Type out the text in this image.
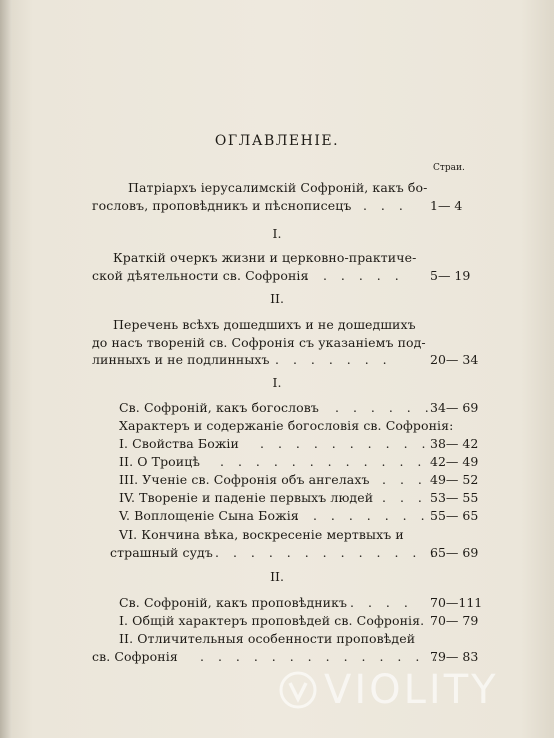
ОГЛАВЛЕНІЕ.
Страи.
Патріархъ іерусалимскій Софроній, какъ бо-
гословъ, проповѣдникъ и пѣснописецъ
. . . . 1— 4
I.
Краткій очеркъ жизни и церковно-практиче-
ской дѣятельности св. Софронія
. . . . . . 5— 19
II.
Перечень всѣхъ дошедшихъ и не дошедшихъ
до насъ твореній св. Софронія съ указаніемъ под-
линныхъ и не подлинныхъ . . . . . . .	20— 34
I.
Св. Софроній, какъ богословъ . . . . . .
34— 69
Характеръ и содержаніе богословія св. Софронія:
I. Свойства Божіи . . . . . . . . . . 38— 42
II. О Троицѣ . . . . . . . . . . . . 42— 49
III. Ученіе св. Софронія объ ангелахъ . . . 49— 52
IV. Твореніе и паденіе первыхъ людей . . . 53— 55
V. Воплощеніе Сына Божія
. . . . . . . . 55— 65
VI. Кончина вѣка, воскресеніе мертвыхъ и
страшный судъ . . . . . . . . . . . . .
65— 69
II.
Св. Софроній, какъ проповѣдникъ . . . . 70—111
I. Общій характеръ проповѣдей св. Софронія. 70— 79
II. Отличительныя особенности проповѣдей
св. Софронія . . . . . . . . . . . . . .
79— 83
VIOLITY
